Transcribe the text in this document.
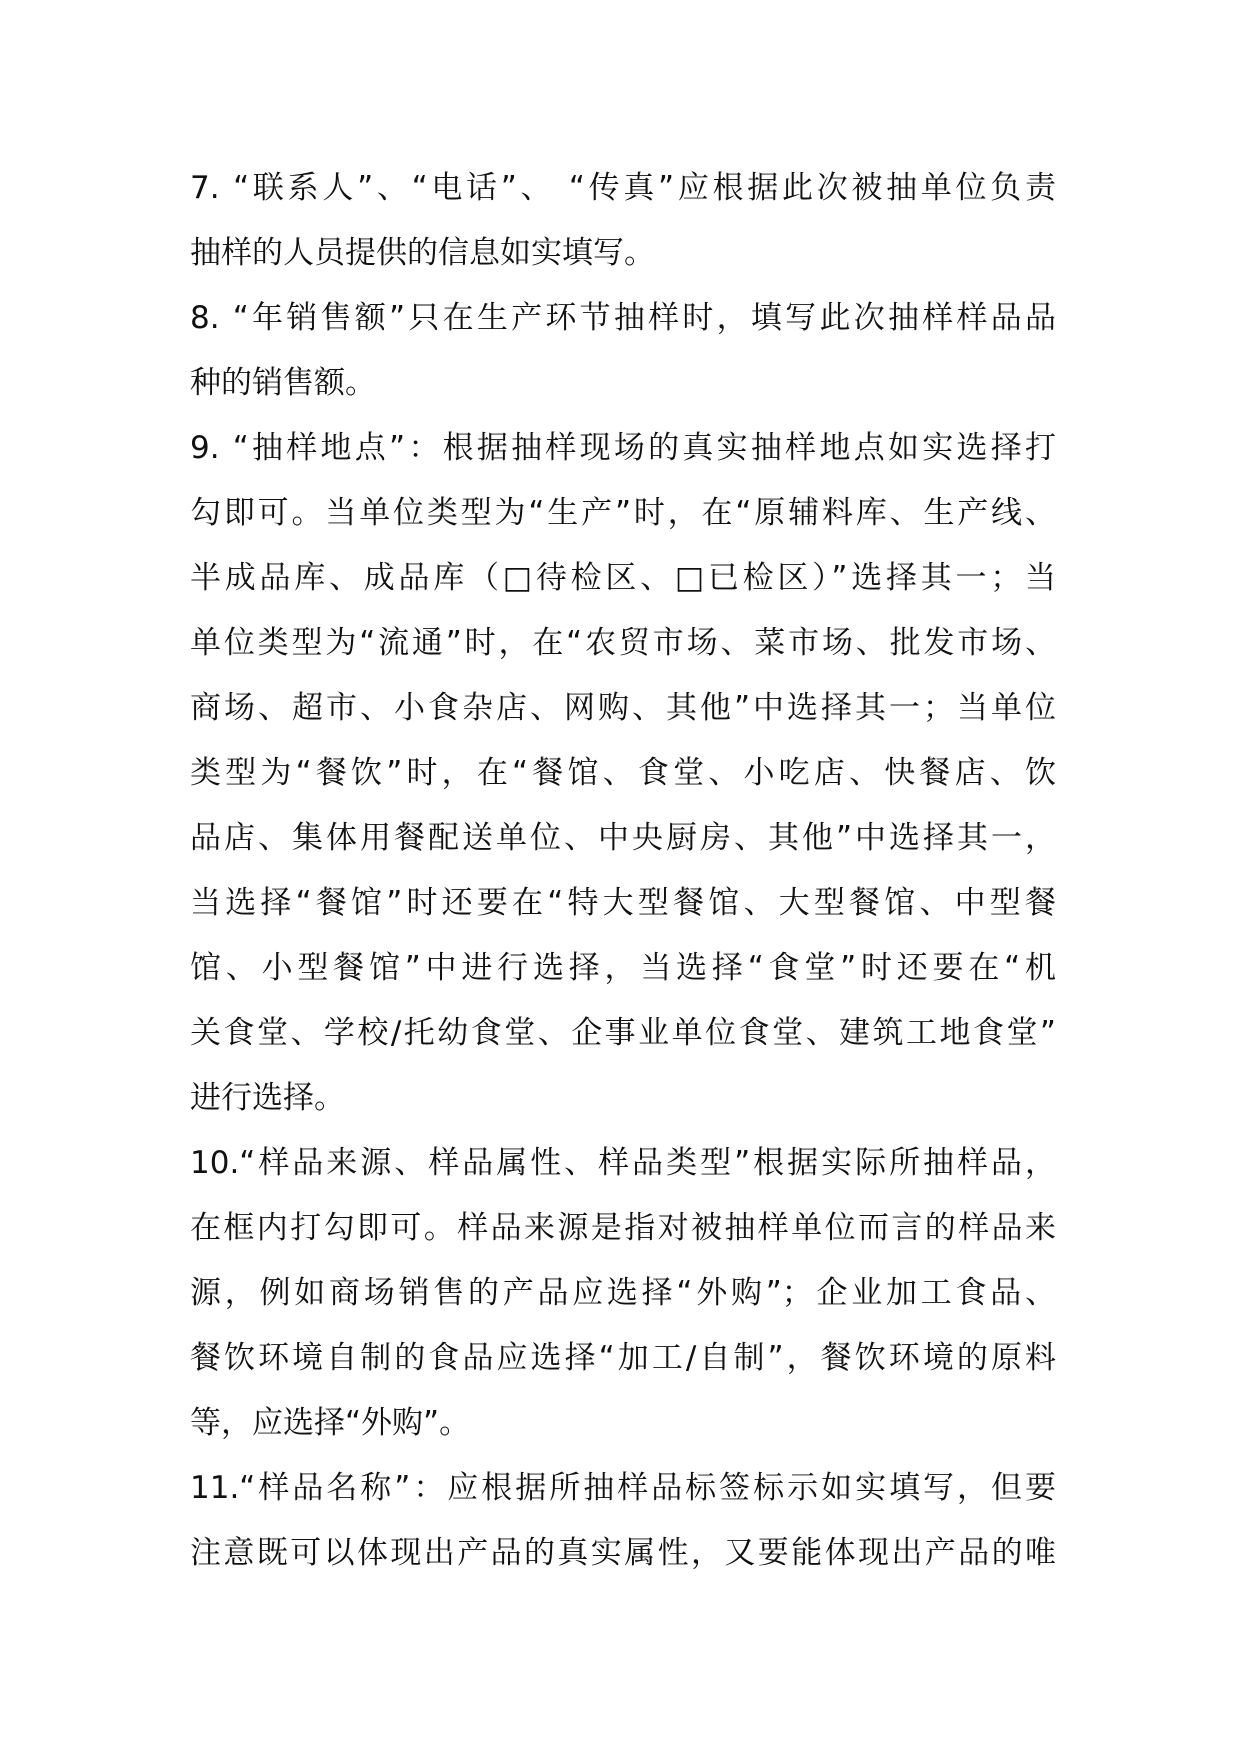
7. “联系人”、“电话”、 “传真”应根据此次被抽单位负责
抽样的人员提供的信息如实填写。
8. “年销售额”只在生产环节抽样时，填写此次抽样样品品
种的销售额。
9. “抽样地点”：根据抽样现场的真实抽样地点如实选择打
勾即可。当单位类型为“生产”时，在“原辅料库、生产线、
半成品库、成品库（□待检区、□已检区）”选择其一；当
单位类型为“流通”时，在“农贸市场、菜市场、批发市场、
商场、超市、小食杂店、网购、其他”中选择其一；当单位
类型为“餐饮”时，在“餐馆、食堂、小吃店、快餐店、饮
品店、集体用餐配送单位、中央厨房、其他”中选择其一，
当选择“餐馆”时还要在“特大型餐馆、大型餐馆、中型餐
馆、小型餐馆”中进行选择，当选择“食堂”时还要在“机
关食堂、学校/托幼食堂、企事业单位食堂、建筑工地食堂”
进行选择。
10.“样品来源、样品属性、样品类型”根据实际所抽样品，
在框内打勾即可。样品来源是指对被抽样单位而言的样品来
源，例如商场销售的产品应选择“外购”；企业加工食品、
餐饮环境自制的食品应选择“加工/自制”，餐饮环境的原料
等，应选择“外购”。
11.“样品名称”：应根据所抽样品标签标示如实填写，但要
注意既可以体现出产品的真实属性，又要能体现出产品的唯
